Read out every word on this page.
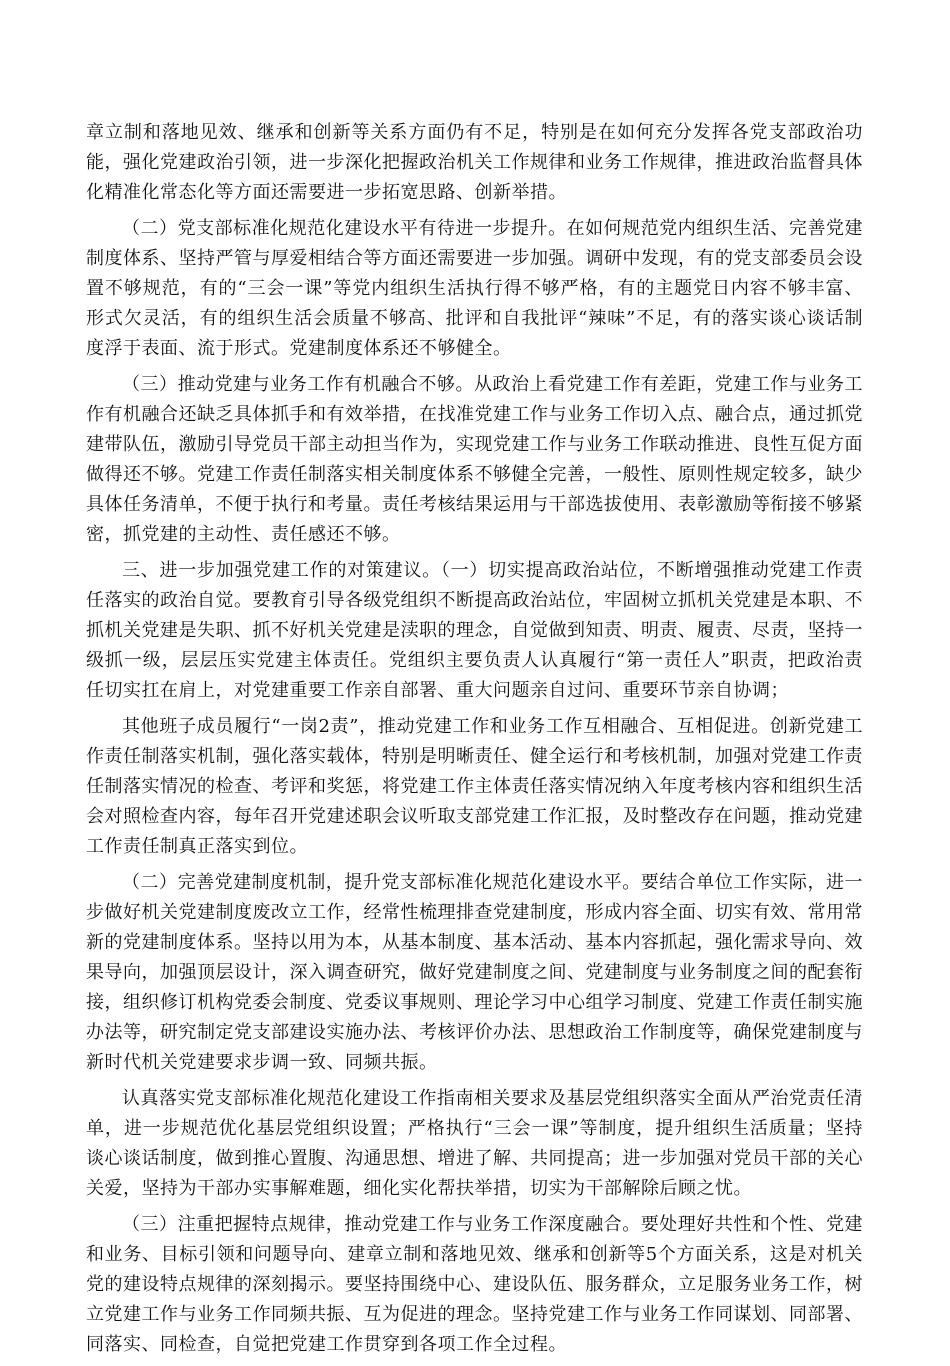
章立制和落地见效、继承和创新等关系方面仍有不足，特别是在如何充分发挥各党支部政治功能，强化党建政治引领，进一步深化把握政治机关工作规律和业务工作规律，推进政治监督具体化精准化常态化等方面还需要进一步拓宽思路、创新举措。

（二）党支部标准化规范化建设水平有待进一步提升。在如何规范党内组织生活、完善党建制度体系、坚持严管与厚爱相结合等方面还需要进一步加强。调研中发现，有的党支部委员会设置不够规范，有的“三会一课”等党内组织生活执行得不够严格，有的主题党日内容不够丰富、形式欠灵活，有的组织生活会质量不够高、批评和自我批评“辣味”不足，有的落实谈心谈话制度浮于表面、流于形式。党建制度体系还不够健全。

（三）推动党建与业务工作有机融合不够。从政治上看党建工作有差距，党建工作与业务工作有机融合还缺乏具体抓手和有效举措，在找准党建工作与业务工作切入点、融合点，通过抓党建带队伍，激励引导党员干部主动担当作为，实现党建工作与业务工作联动推进、良性互促方面做得还不够。党建工作责任制落实相关制度体系不够健全完善，一般性、原则性规定较多，缺少具体任务清单，不便于执行和考量。责任考核结果运用与干部选拔使用、表彰激励等衔接不够紧密，抓党建的主动性、责任感还不够。

三、进一步加强党建工作的对策建议。（一）切实提高政治站位，不断增强推动党建工作责任落实的政治自觉。要教育引导各级党组织不断提高政治站位，牢固树立抓机关党建是本职、不抓机关党建是失职、抓不好机关党建是渎职的理念，自觉做到知责、明责、履责、尽责，坚持一级抓一级，层层压实党建主体责任。党组织主要负责人认真履行“第一责任人”职责，把政治责任切实扛在肩上，对党建重要工作亲自部署、重大问题亲自过问、重要环节亲自协调；

其他班子成员履行“一岗2责”，推动党建工作和业务工作互相融合、互相促进。创新党建工作责任制落实机制，强化落实载体，特别是明晰责任、健全运行和考核机制，加强对党建工作责任制落实情况的检查、考评和奖惩，将党建工作主体责任落实情况纳入年度考核内容和组织生活会对照检查内容，每年召开党建述职会议听取支部党建工作汇报，及时整改存在问题，推动党建工作责任制真正落实到位。

（二）完善党建制度机制，提升党支部标准化规范化建设水平。要结合单位工作实际，进一步做好机关党建制度废改立工作，经常性梳理排查党建制度，形成内容全面、切实有效、常用常新的党建制度体系。坚持以用为本，从基本制度、基本活动、基本内容抓起，强化需求导向、效果导向，加强顶层设计，深入调查研究，做好党建制度之间、党建制度与业务制度之间的配套衔接，组织修订机构党委会制度、党委议事规则、理论学习中心组学习制度、党建工作责任制实施办法等，研究制定党支部建设实施办法、考核评价办法、思想政治工作制度等，确保党建制度与新时代机关党建要求步调一致、同频共振。

认真落实党支部标准化规范化建设工作指南相关要求及基层党组织落实全面从严治党责任清单，进一步规范优化基层党组织设置；严格执行“三会一课”等制度，提升组织生活质量；坚持谈心谈话制度，做到推心置腹、沟通思想、增进了解、共同提高；进一步加强对党员干部的关心关爱，坚持为干部办实事解难题，细化实化帮扶举措，切实为干部解除后顾之忧。

（三）注重把握特点规律，推动党建工作与业务工作深度融合。要处理好共性和个性、党建和业务、目标引领和问题导向、建章立制和落地见效、继承和创新等5个方面关系，这是对机关党的建设特点规律的深刻揭示。要坚持围绕中心、建设队伍、服务群众，立足服务业务工作，树立党建工作与业务工作同频共振、互为促进的理念。坚持党建工作与业务工作同谋划、同部署、同落实、同检查，自觉把党建工作贯穿到各项工作全过程。
